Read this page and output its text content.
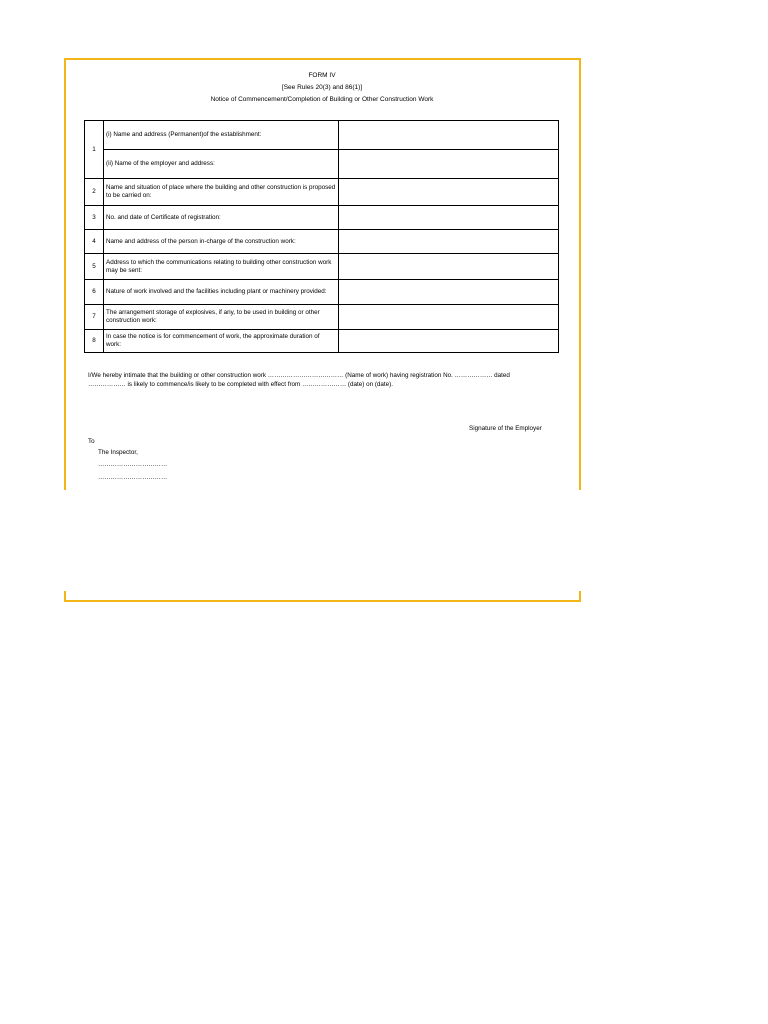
FORM IV
[See Rules 20(3) and 86(1)]
Notice of Commencement/Completion of Building or Other Construction Work
1	(i) Name and address (Permanent)of the establishment:	
	(ii) Name of the employer and address:	
2	Name and situation of place where the building and other construction is proposed to be carried on:	
3	No. and date of Certificate of registration:	
4	Name and address of the person in-charge of the construction work:	
5	Address to which the communications relating to building other construction work may be sent:	
6	Nature of work involved and the facilities including plant or machinery provided:	
7	The arrangement storage of explosives, if any, to be used in building or other construction work:	
8	In case the notice is for commencement of work, the approximate duration of work:	
I/We hereby intimate that the building or other construction work ……………………………… (Name of work) having registration No. ……………… dated ……………… is likely to commence/is likely to be completed with effect from ………………… (date) on (date).
Signature of the Employer
To
The Inspector,
……………………………
……………………………
